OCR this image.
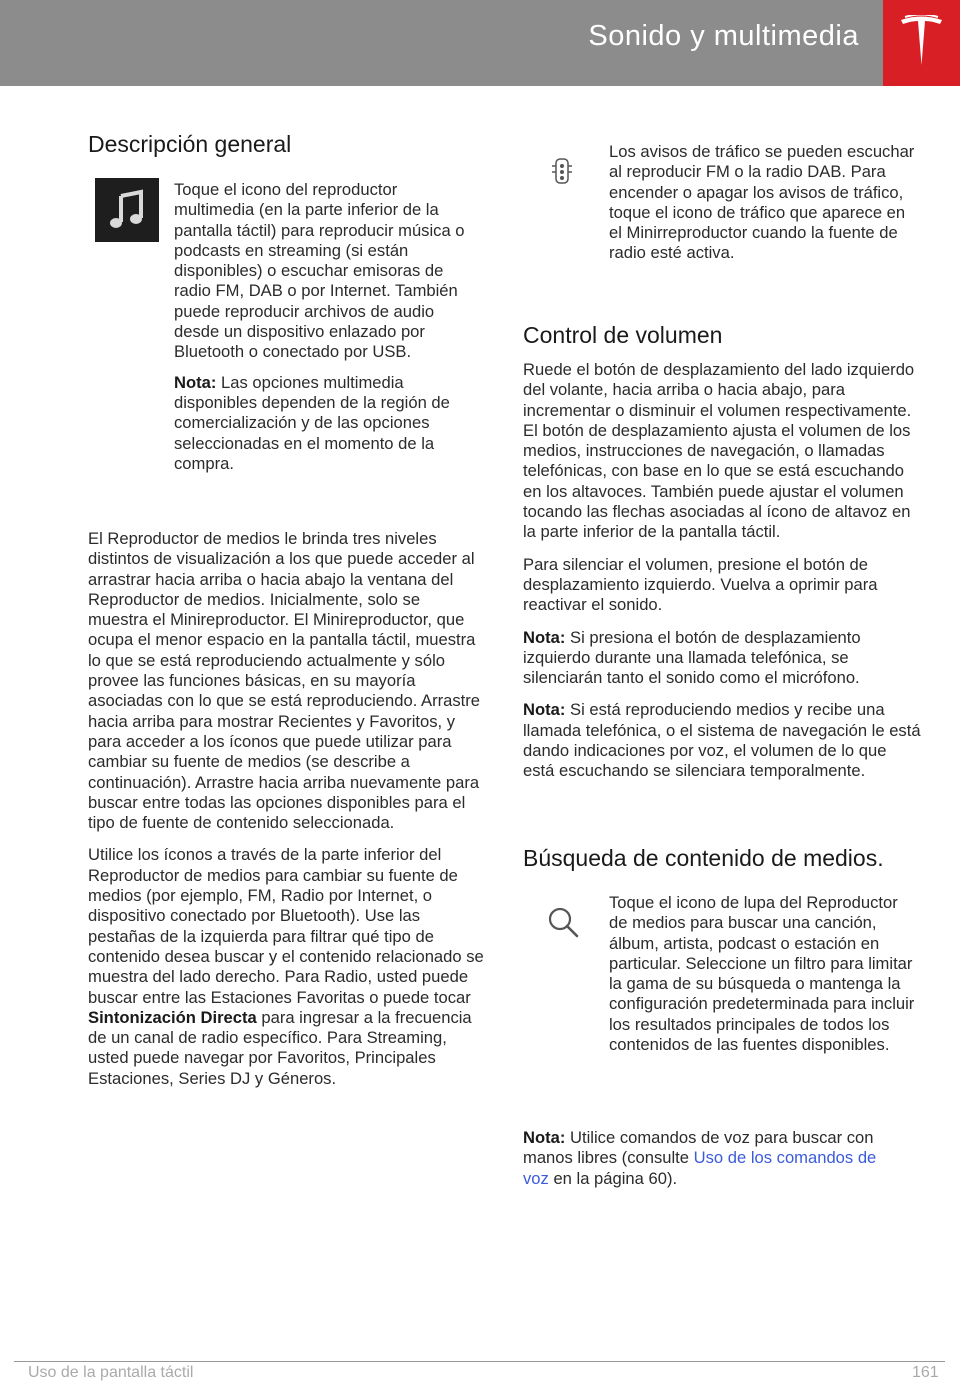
Sonido y multimedia
Descripción general

Toque el icono del reproductor multimedia (en la parte inferior de la pantalla táctil) para reproducir música o podcasts en streaming (si están disponibles) o escuchar emisoras de radio FM, DAB o por Internet. También puede reproducir archivos de audio desde un dispositivo enlazado por Bluetooth o conectado por USB.

Nota: Las opciones multimedia disponibles dependen de la región de comercialización y de las opciones seleccionadas en el momento de la compra.

El Reproductor de medios le brinda tres niveles distintos de visualización a los que puede acceder al arrastrar hacia arriba o hacia abajo la ventana del Reproductor de medios. Inicialmente, solo se muestra el Minireproductor. El Minireproductor, que ocupa el menor espacio en la pantalla táctil, muestra lo que se está reproduciendo actualmente y sólo provee las funciones básicas, en su mayoría asociadas con lo que se está reproduciendo. Arrastre hacia arriba para mostrar Recientes y Favoritos, y para acceder a los íconos que puede utilizar para cambiar su fuente de medios (se describe a continuación). Arrastre hacia arriba nuevamente para buscar entre todas las opciones disponibles para el tipo de fuente de contenido seleccionada.

Utilice los íconos a través de la parte inferior del Reproductor de medios para cambiar su fuente de medios (por ejemplo, FM, Radio por Internet, o dispositivo conectado por Bluetooth). Use las pestañas de la izquierda para filtrar qué tipo de contenido desea buscar y el contenido relacionado se muestra del lado derecho. Para Radio, usted puede buscar entre las Estaciones Favoritas o puede tocar Sintonización Directa para ingresar a la frecuencia de un canal de radio específico. Para Streaming, usted puede navegar por Favoritos, Principales Estaciones, Series DJ y Géneros.

Los avisos de tráfico se pueden escuchar al reproducir FM o la radio DAB. Para encender o apagar los avisos de tráfico, toque el icono de tráfico que aparece en el Minirreproductor cuando la fuente de radio esté activa.

Control de volumen

Ruede el botón de desplazamiento del lado izquierdo del volante, hacia arriba o hacia abajo, para incrementar o disminuir el volumen respectivamente. El botón de desplazamiento ajusta el volumen de los medios, instrucciones de navegación, o llamadas telefónicas, con base en lo que se está escuchando en los altavoces. También puede ajustar el volumen tocando las flechas asociadas al ícono de altavoz en la parte inferior de la pantalla táctil.

Para silenciar el volumen, presione el botón de desplazamiento izquierdo. Vuelva a oprimir para reactivar el sonido.

Nota: Si presiona el botón de desplazamiento izquierdo durante una llamada telefónica, se silenciarán tanto el sonido como el micrófono.

Nota: Si está reproduciendo medios y recibe una llamada telefónica, o el sistema de navegación le está dando indicaciones por voz, el volumen de lo que está escuchando se silenciara temporalmente.

Búsqueda de contenido de medios.

Toque el icono de lupa del Reproductor de medios para buscar una canción, álbum, artista, podcast o estación en particular. Seleccione un filtro para limitar la gama de su búsqueda o mantenga la configuración predeterminada para incluir los resultados principales de todos los contenidos de las fuentes disponibles.

Nota: Utilice comandos de voz para buscar con manos libres (consulte Uso de los comandos de voz en la página 60).

Uso de la pantalla táctil	161
